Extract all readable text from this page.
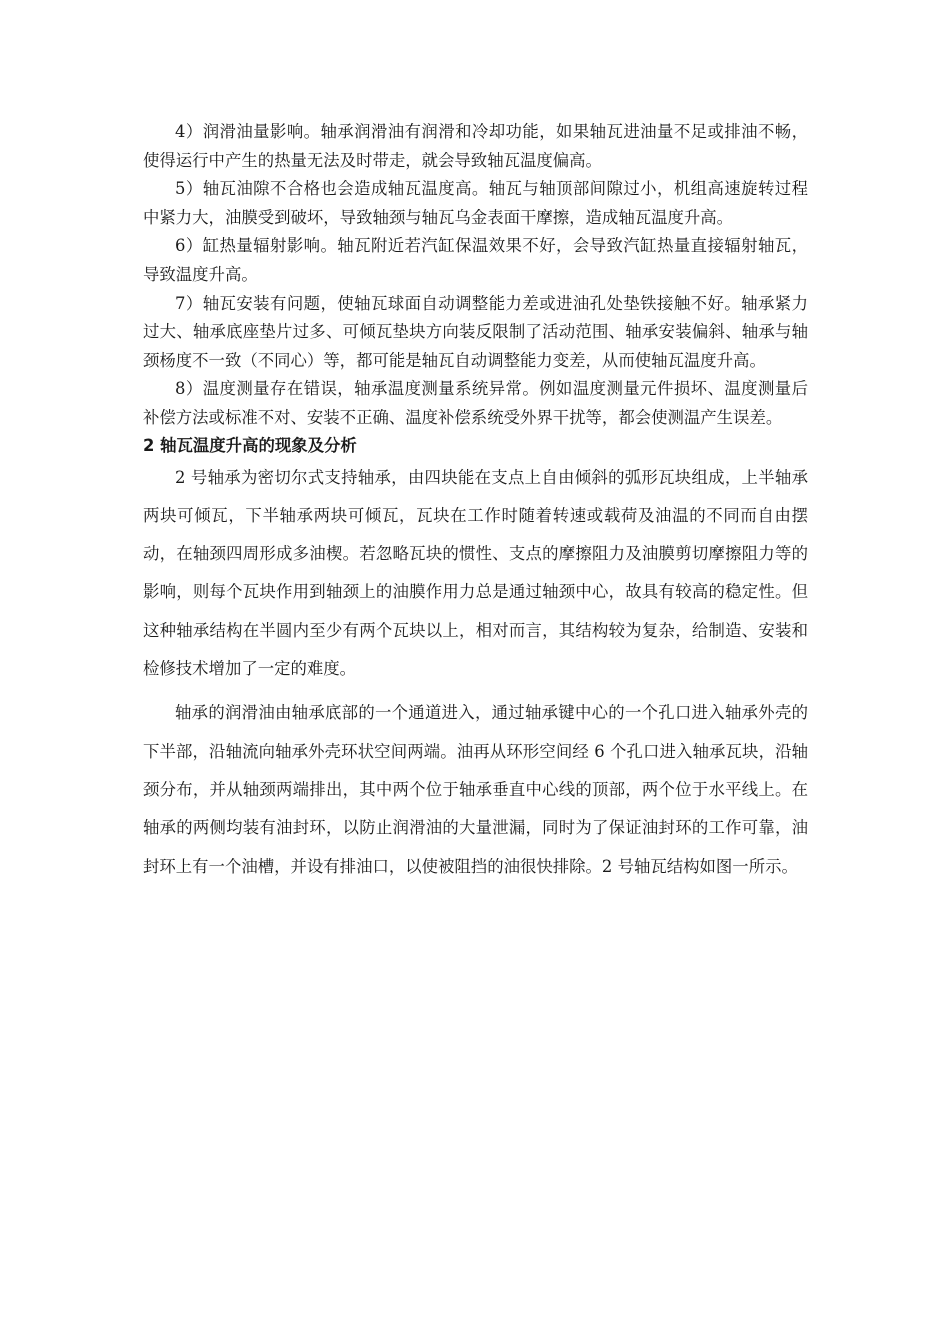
4）润滑油量影响。轴承润滑油有润滑和冷却功能，如果轴瓦进油量不足或排油不畅，使得运行中产生的热量无法及时带走，就会导致轴瓦温度偏高。

5）轴瓦油隙不合格也会造成轴瓦温度高。轴瓦与轴顶部间隙过小，机组高速旋转过程中紧力大，油膜受到破坏，导致轴颈与轴瓦乌金表面干摩擦，造成轴瓦温度升高。

6）缸热量辐射影响。轴瓦附近若汽缸保温效果不好，会导致汽缸热量直接辐射轴瓦，导致温度升高。

7）轴瓦安装有问题，使轴瓦球面自动调整能力差或进油孔处垫铁接触不好。轴承紧力过大、轴承底座垫片过多、可倾瓦垫块方向装反限制了活动范围、轴承安装偏斜、轴承与轴颈杨度不一致（不同心）等，都可能是轴瓦自动调整能力变差，从而使轴瓦温度升高。

8）温度测量存在错误，轴承温度测量系统异常。例如温度测量元件损坏、温度测量后补偿方法或标准不对、安装不正确、温度补偿系统受外界干扰等，都会使测温产生误差。

2 轴瓦温度升高的现象及分析

2 号轴承为密切尔式支持轴承，由四块能在支点上自由倾斜的弧形瓦块组成，上半轴承两块可倾瓦，下半轴承两块可倾瓦，瓦块在工作时随着转速或载荷及油温的不同而自由摆动，在轴颈四周形成多油楔。若忽略瓦块的惯性、支点的摩擦阻力及油膜剪切摩擦阻力等的影响，则每个瓦块作用到轴颈上的油膜作用力总是通过轴颈中心，故具有较高的稳定性。但这种轴承结构在半圆内至少有两个瓦块以上，相对而言，其结构较为复杂，给制造、安装和检修技术增加了一定的难度。

轴承的润滑油由轴承底部的一个通道进入，通过轴承键中心的一个孔口进入轴承外壳的下半部，沿轴流向轴承外壳环状空间两端。油再从环形空间经 6 个孔口进入轴承瓦块，沿轴颈分布，并从轴颈两端排出，其中两个位于轴承垂直中心线的顶部，两个位于水平线上。在轴承的两侧均装有油封环，以防止润滑油的大量泄漏，同时为了保证油封环的工作可靠，油封环上有一个油槽，并设有排油口，以使被阻挡的油很快排除。2 号轴瓦结构如图一所示。
